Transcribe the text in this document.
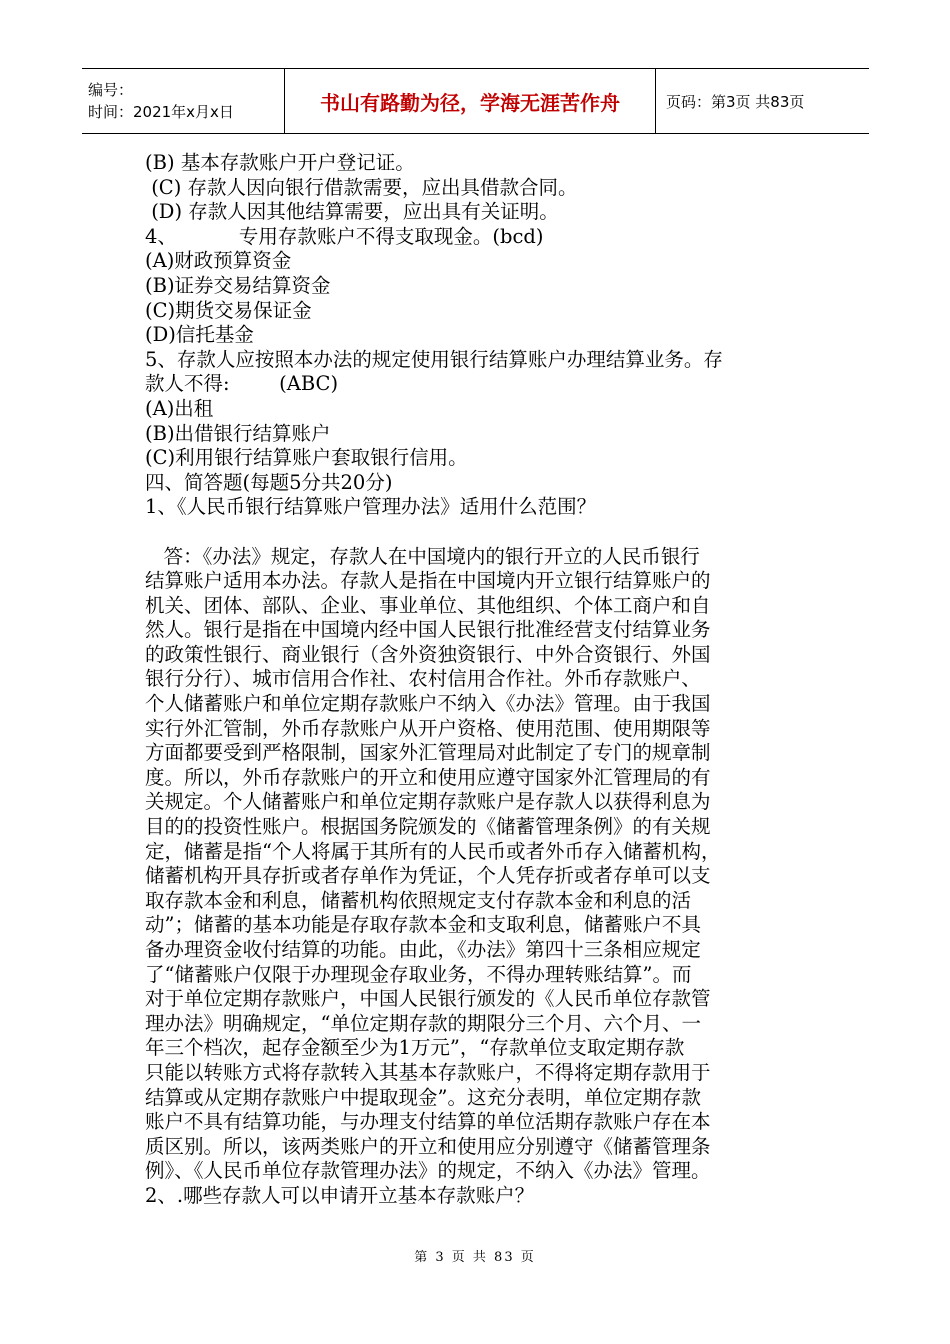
编号：
时间：2021年x月x日	书山有路勤为径，学海无涯苦作舟	页码：第3页 共83页
(B) 基本存款账户开户登记证。
(C) 存款人因向银行借款需要，应出具借款合同。
(D) 存款人因其他结算需要，应出具有关证明。
4、          专用存款账户不得支取现金。(bcd)
(A)财政预算资金
(B)证券交易结算资金
(C)期货交易保证金
(D)信托基金
5、存款人应按照本办法的规定使用银行结算账户办理结算业务。存
款人不得:        (ABC)
(A)出租
(B)出借银行结算账户
(C)利用银行结算账户套取银行信用。
四、简答题(每题5分共20分)
1、《人民币银行结算账户管理办法》适用什么范围？
答：《办法》规定，存款人在中国境内的银行开立的人民币银行
结算账户适用本办法。存款人是指在中国境内开立银行结算账户的
机关、团体、部队、企业、事业单位、其他组织、个体工商户和自
然人。银行是指在中国境内经中国人民银行批准经营支付结算业务
的政策性银行、商业银行（含外资独资银行、中外合资银行、外国
银行分行）、城市信用合作社、农村信用合作社。外币存款账户、
个人储蓄账户和单位定期存款账户不纳入《办法》管理。由于我国
实行外汇管制，外币存款账户从开户资格、使用范围、使用期限等
方面都要受到严格限制，国家外汇管理局对此制定了专门的规章制
度。所以，外币存款账户的开立和使用应遵守国家外汇管理局的有
关规定。个人储蓄账户和单位定期存款账户是存款人以获得利息为
目的的投资性账户。根据国务院颁发的《储蓄管理条例》的有关规
定，储蓄是指“个人将属于其所有的人民币或者外币存入储蓄机构，
储蓄机构开具存折或者存单作为凭证，个人凭存折或者存单可以支
取存款本金和利息，储蓄机构依照规定支付存款本金和利息的活
动”；储蓄的基本功能是存取存款本金和支取利息，储蓄账户不具
备办理资金收付结算的功能。由此，《办法》第四十三条相应规定
了“储蓄账户仅限于办理现金存取业务，不得办理转账结算”。而
对于单位定期存款账户，中国人民银行颁发的《人民币单位存款管
理办法》明确规定，“单位定期存款的期限分三个月、六个月、一
年三个档次，起存金额至少为1万元”，“存款单位支取定期存款
只能以转账方式将存款转入其基本存款账户，不得将定期存款用于
结算或从定期存款账户中提取现金”。这充分表明，单位定期存款
账户不具有结算功能，与办理支付结算的单位活期存款账户存在本
质区别。所以，该两类账户的开立和使用应分别遵守《储蓄管理条
例》、《人民币单位存款管理办法》的规定，不纳入《办法》管理。
2、.哪些存款人可以申请开立基本存款账户？
第 3 页 共 83 页
